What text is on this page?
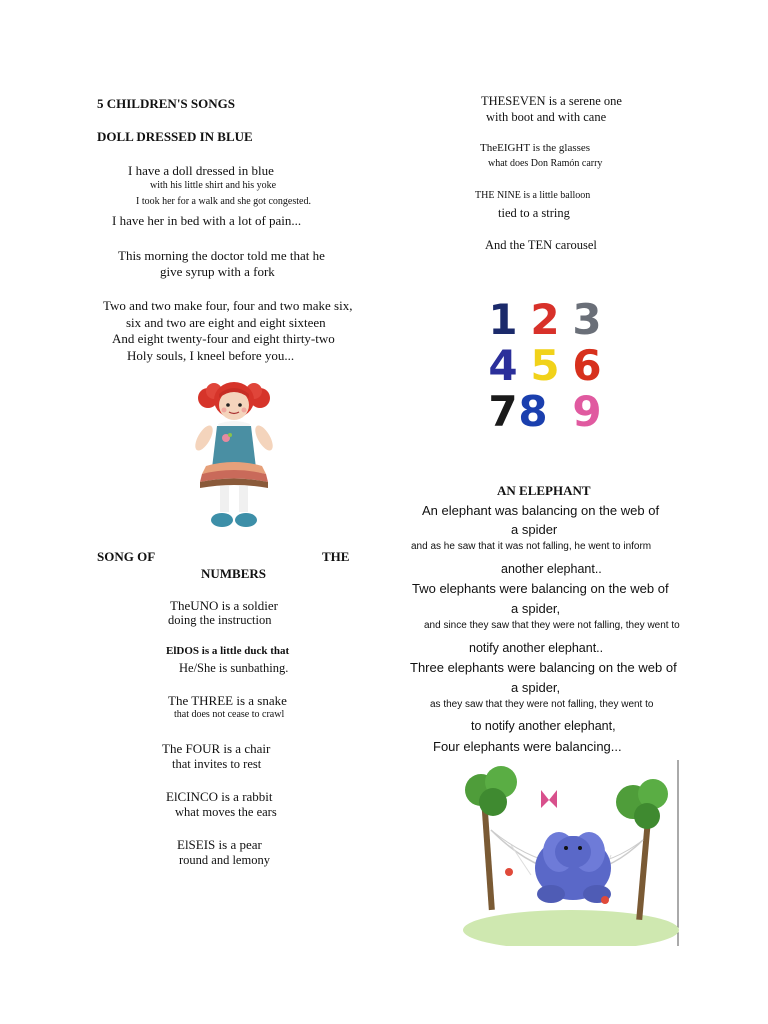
5 CHILDREN'S SONGS
DOLL DRESSED IN BLUE
I have a doll dressed in blue
with his little shirt and his yoke
I took her for a walk and she got congested.
I have her in bed with a lot of pain...
This morning the doctor told me that he
give syrup with a fork
Two and two make four, four and two make six,
six and two are eight and eight sixteen
And eight twenty-four and eight thirty-two
Holy souls, I kneel before you...
SONG OF	THE
NUMBERS
TheUNO is a soldier
doing the instruction
ElDOS is a little duck that
He/She is sunbathing.
The THREE is a snake
that does not cease to crawl
The FOUR is a chair
that invites to rest
ElCINCO is a rabbit
what moves the ears
ElSEIS is a pear
round and lemony
THESEVEN is a serene one
with boot and with cane
TheEIGHT is the glasses
what does Don Ramón carry
THE NINE is a little balloon
tied to a string
And the TEN carousel
1 2 3
4 5 6
7 8 9
AN ELEPHANT
An elephant was balancing on the web of
a spider
and as he saw that it was not falling, he went to inform
another elephant..
Two elephants were balancing on the web of
a spider,
and since they saw that they were not falling, they went to
notify another elephant..
Three elephants were balancing on the web of
a spider,
as they saw that they were not falling, they went to
to notify another elephant,
Four elephants were balancing...
